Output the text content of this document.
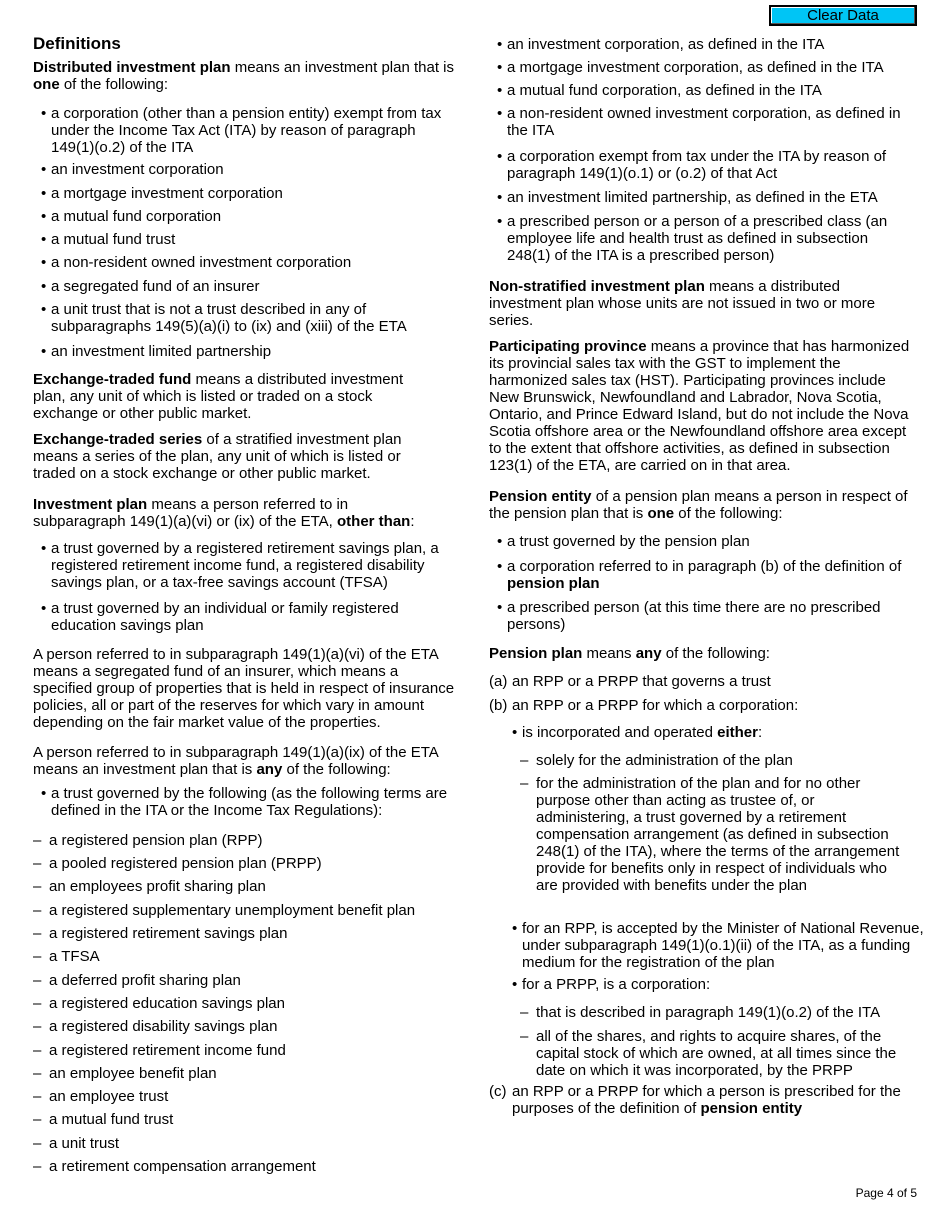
Clear Data
Definitions

Distributed investment plan means an investment plan that is one of the following:

• a corporation (other than a pension entity) exempt from tax under the Income Tax Act (ITA) by reason of paragraph 149(1)(o.2) of the ITA
• an investment corporation
• a mortgage investment corporation
• a mutual fund corporation
• a mutual fund trust
• a non-resident owned investment corporation
• a segregated fund of an insurer
• a unit trust that is not a trust described in any of subparagraphs 149(5)(a)(i) to (ix) and (xiii) of the ETA
• an investment limited partnership

Exchange-traded fund means a distributed investment plan, any unit of which is listed or traded on a stock exchange or other public market.

Exchange-traded series of a stratified investment plan means a series of the plan, any unit of which is listed or traded on a stock exchange or other public market.

Investment plan means a person referred to in subparagraph 149(1)(a)(vi) or (ix) of the ETA, other than:

• a trust governed by a registered retirement savings plan, a registered retirement income fund, a registered disability savings plan, or a tax-free savings account (TFSA)
• a trust governed by an individual or family registered education savings plan

A person referred to in subparagraph 149(1)(a)(vi) of the ETA means a segregated fund of an insurer, which means a specified group of properties that is held in respect of insurance policies, all or part of the reserves for which vary in amount depending on the fair market value of the properties.

A person referred to in subparagraph 149(1)(a)(ix) of the ETA means an investment plan that is any of the following:

• a trust governed by the following (as the following terms are defined in the ITA or the Income Tax Regulations):
– a registered pension plan (RPP)
– a pooled registered pension plan (PRPP)
– an employees profit sharing plan
– a registered supplementary unemployment benefit plan
– a registered retirement savings plan
– a TFSA
– a deferred profit sharing plan
– a registered education savings plan
– a registered disability savings plan
– a registered retirement income fund
– an employee benefit plan
– an employee trust
– a mutual fund trust
– a unit trust
– a retirement compensation arrangement
• an investment corporation, as defined in the ITA
• a mortgage investment corporation, as defined in the ITA
• a mutual fund corporation, as defined in the ITA
• a non-resident owned investment corporation, as defined in the ITA
• a corporation exempt from tax under the ITA by reason of paragraph 149(1)(o.1) or (o.2) of that Act
• an investment limited partnership, as defined in the ETA
• a prescribed person or a person of a prescribed class (an employee life and health trust as defined in subsection 248(1) of the ITA is a prescribed person)

Non-stratified investment plan means a distributed investment plan whose units are not issued in two or more series.

Participating province means a province that has harmonized its provincial sales tax with the GST to implement the harmonized sales tax (HST). Participating provinces include New Brunswick, Newfoundland and Labrador, Nova Scotia, Ontario, and Prince Edward Island, but do not include the Nova Scotia offshore area or the Newfoundland offshore area except to the extent that offshore activities, as defined in subsection 123(1) of the ETA, are carried on in that area.

Pension entity of a pension plan means a person in respect of the pension plan that is one of the following:

• a trust governed by the pension plan
• a corporation referred to in paragraph (b) of the definition of pension plan
• a prescribed person (at this time there are no prescribed persons)

Pension plan means any of the following:

(a) an RPP or a PRPP that governs a trust
(b) an RPP or a PRPP for which a corporation:
• is incorporated and operated either:
– solely for the administration of the plan
– for the administration of the plan and for no other purpose other than acting as trustee of, or administering, a trust governed by a retirement compensation arrangement (as defined in subsection 248(1) of the ITA), where the terms of the arrangement provide for benefits only in respect of individuals who are provided with benefits under the plan
• for an RPP, is accepted by the Minister of National Revenue, under subparagraph 149(1)(o.1)(ii) of the ITA, as a funding medium for the registration of the plan
• for a PRPP, is a corporation:
– that is described in paragraph 149(1)(o.2) of the ITA
– all of the shares, and rights to acquire shares, of the capital stock of which are owned, at all times since the date on which it was incorporated, by the PRPP
(c) an RPP or a PRPP for which a person is prescribed for the purposes of the definition of pension entity
Page 4 of 5
